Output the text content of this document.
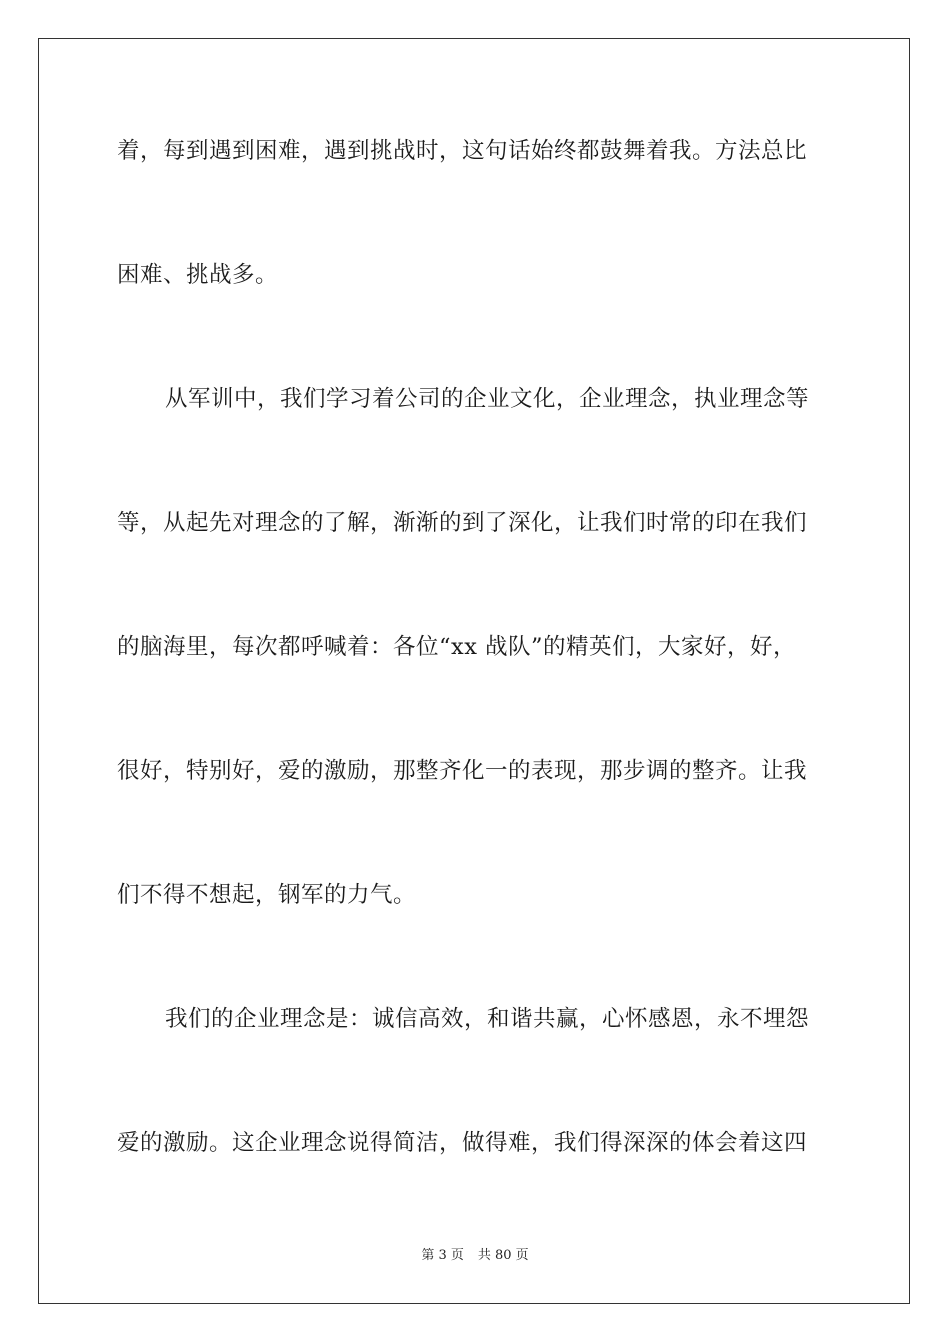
着，每到遇到困难，遇到挑战时，这句话始终都鼓舞着我。方法总比
困难、挑战多。
从军训中，我们学习着公司的企业文化，企业理念，执业理念等
等，从起先对理念的了解，渐渐的到了深化，让我们时常的印在我们
的脑海里，每次都呼喊着：各位“xx 战队”的精英们，大家好，好，
很好，特别好，爱的激励，那整齐化一的表现，那步调的整齐。让我
们不得不想起，钢军的力气。
我们的企业理念是：诚信高效，和谐共赢，心怀感恩，永不埋怨
爱的激励。这企业理念说得简洁，做得难，我们得深深的体会着这四
第 3 页 共 80 页
